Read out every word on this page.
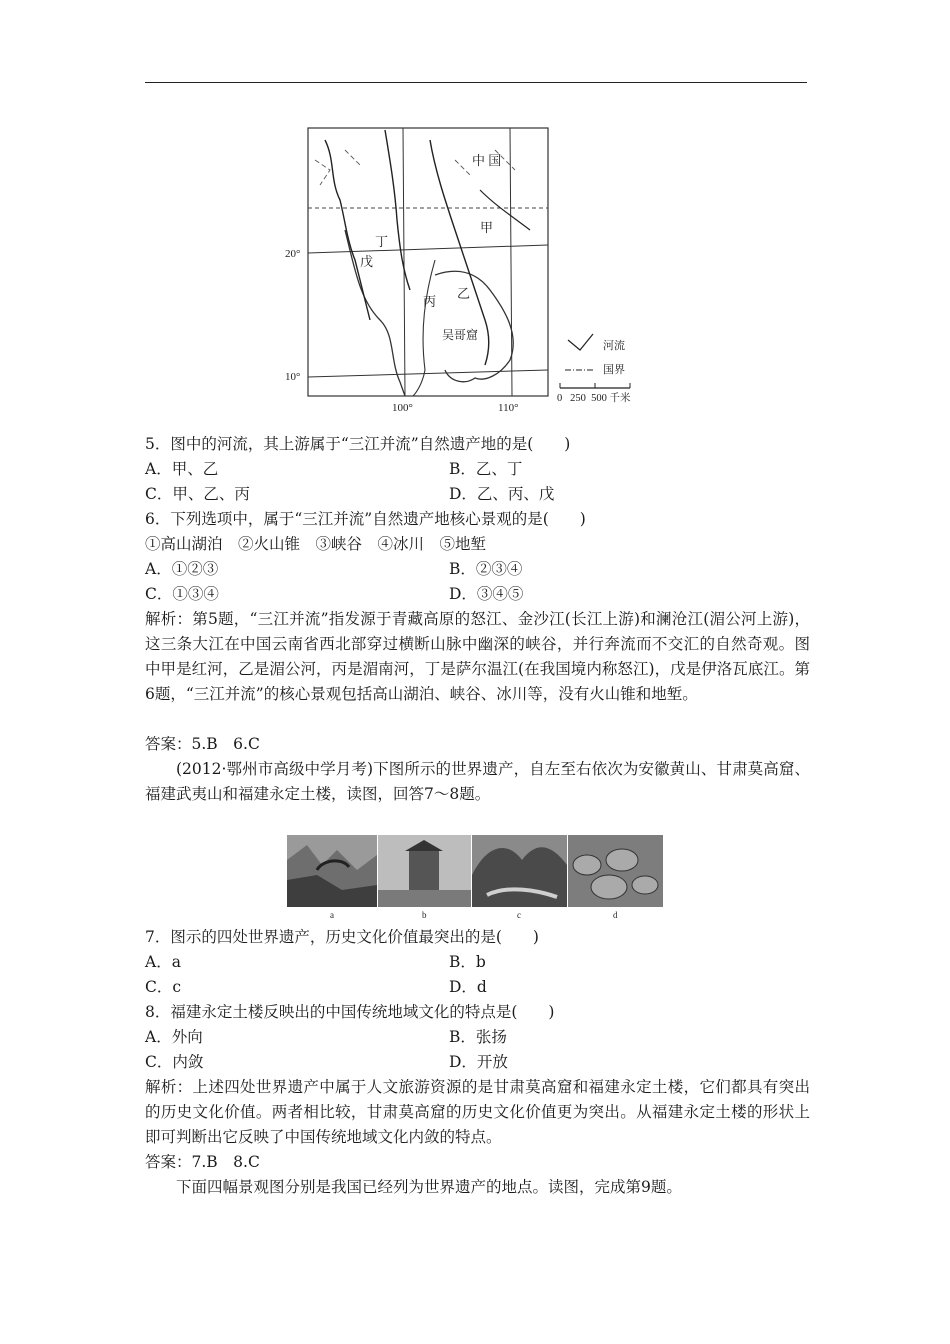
中 国
甲
丁
戊
乙
丙
吴哥窟
20°
10°
100°	110°
河流
国界
0   250  500 千米
5．图中的河流，其上游属于“三江并流”自然遗产地的是(　　)
A．甲、乙	B．乙、丁
C．甲、乙、丙	D．乙、丙、戊
6．下列选项中，属于“三江并流”自然遗产地核心景观的是(　　)
①高山湖泊　②火山锥　③峡谷　④冰川　⑤地堑
A．①②③	B．②③④
C．①③④	D．③④⑤
解析：第5题，“三江并流”指发源于青藏高原的怒江、金沙江(长江上游)和澜沧江(湄公河上游)，这三条大江在中国云南省西北部穿过横断山脉中幽深的峡谷，并行奔流而不交汇的自然奇观。图中甲是红河，乙是湄公河，丙是湄南河，丁是萨尔温江(在我国境内称怒江)，戊是伊洛瓦底江。第6题，“三江并流”的核心景观包括高山湖泊、峡谷、冰川等，没有火山锥和地堑。
答案：5.B　6.C
(2012·鄂州市高级中学月考)下图所示的世界遗产，自左至右依次为安徽黄山、甘肃莫高窟、福建武夷山和福建永定土楼，读图，回答7～8题。
a	b	c	d
7．图示的四处世界遗产，历史文化价值最突出的是(　　)
A．a	B．b
C．c	D．d
8．福建永定土楼反映出的中国传统地域文化的特点是(　　)
A．外向	B．张扬
C．内敛	D．开放
解析：上述四处世界遗产中属于人文旅游资源的是甘肃莫高窟和福建永定土楼，它们都具有突出的历史文化价值。两者相比较，甘肃莫高窟的历史文化价值更为突出。从福建永定土楼的形状上即可判断出它反映了中国传统地域文化内敛的特点。
答案：7.B　8.C
下面四幅景观图分别是我国已经列为世界遗产的地点。读图，完成第9题。
